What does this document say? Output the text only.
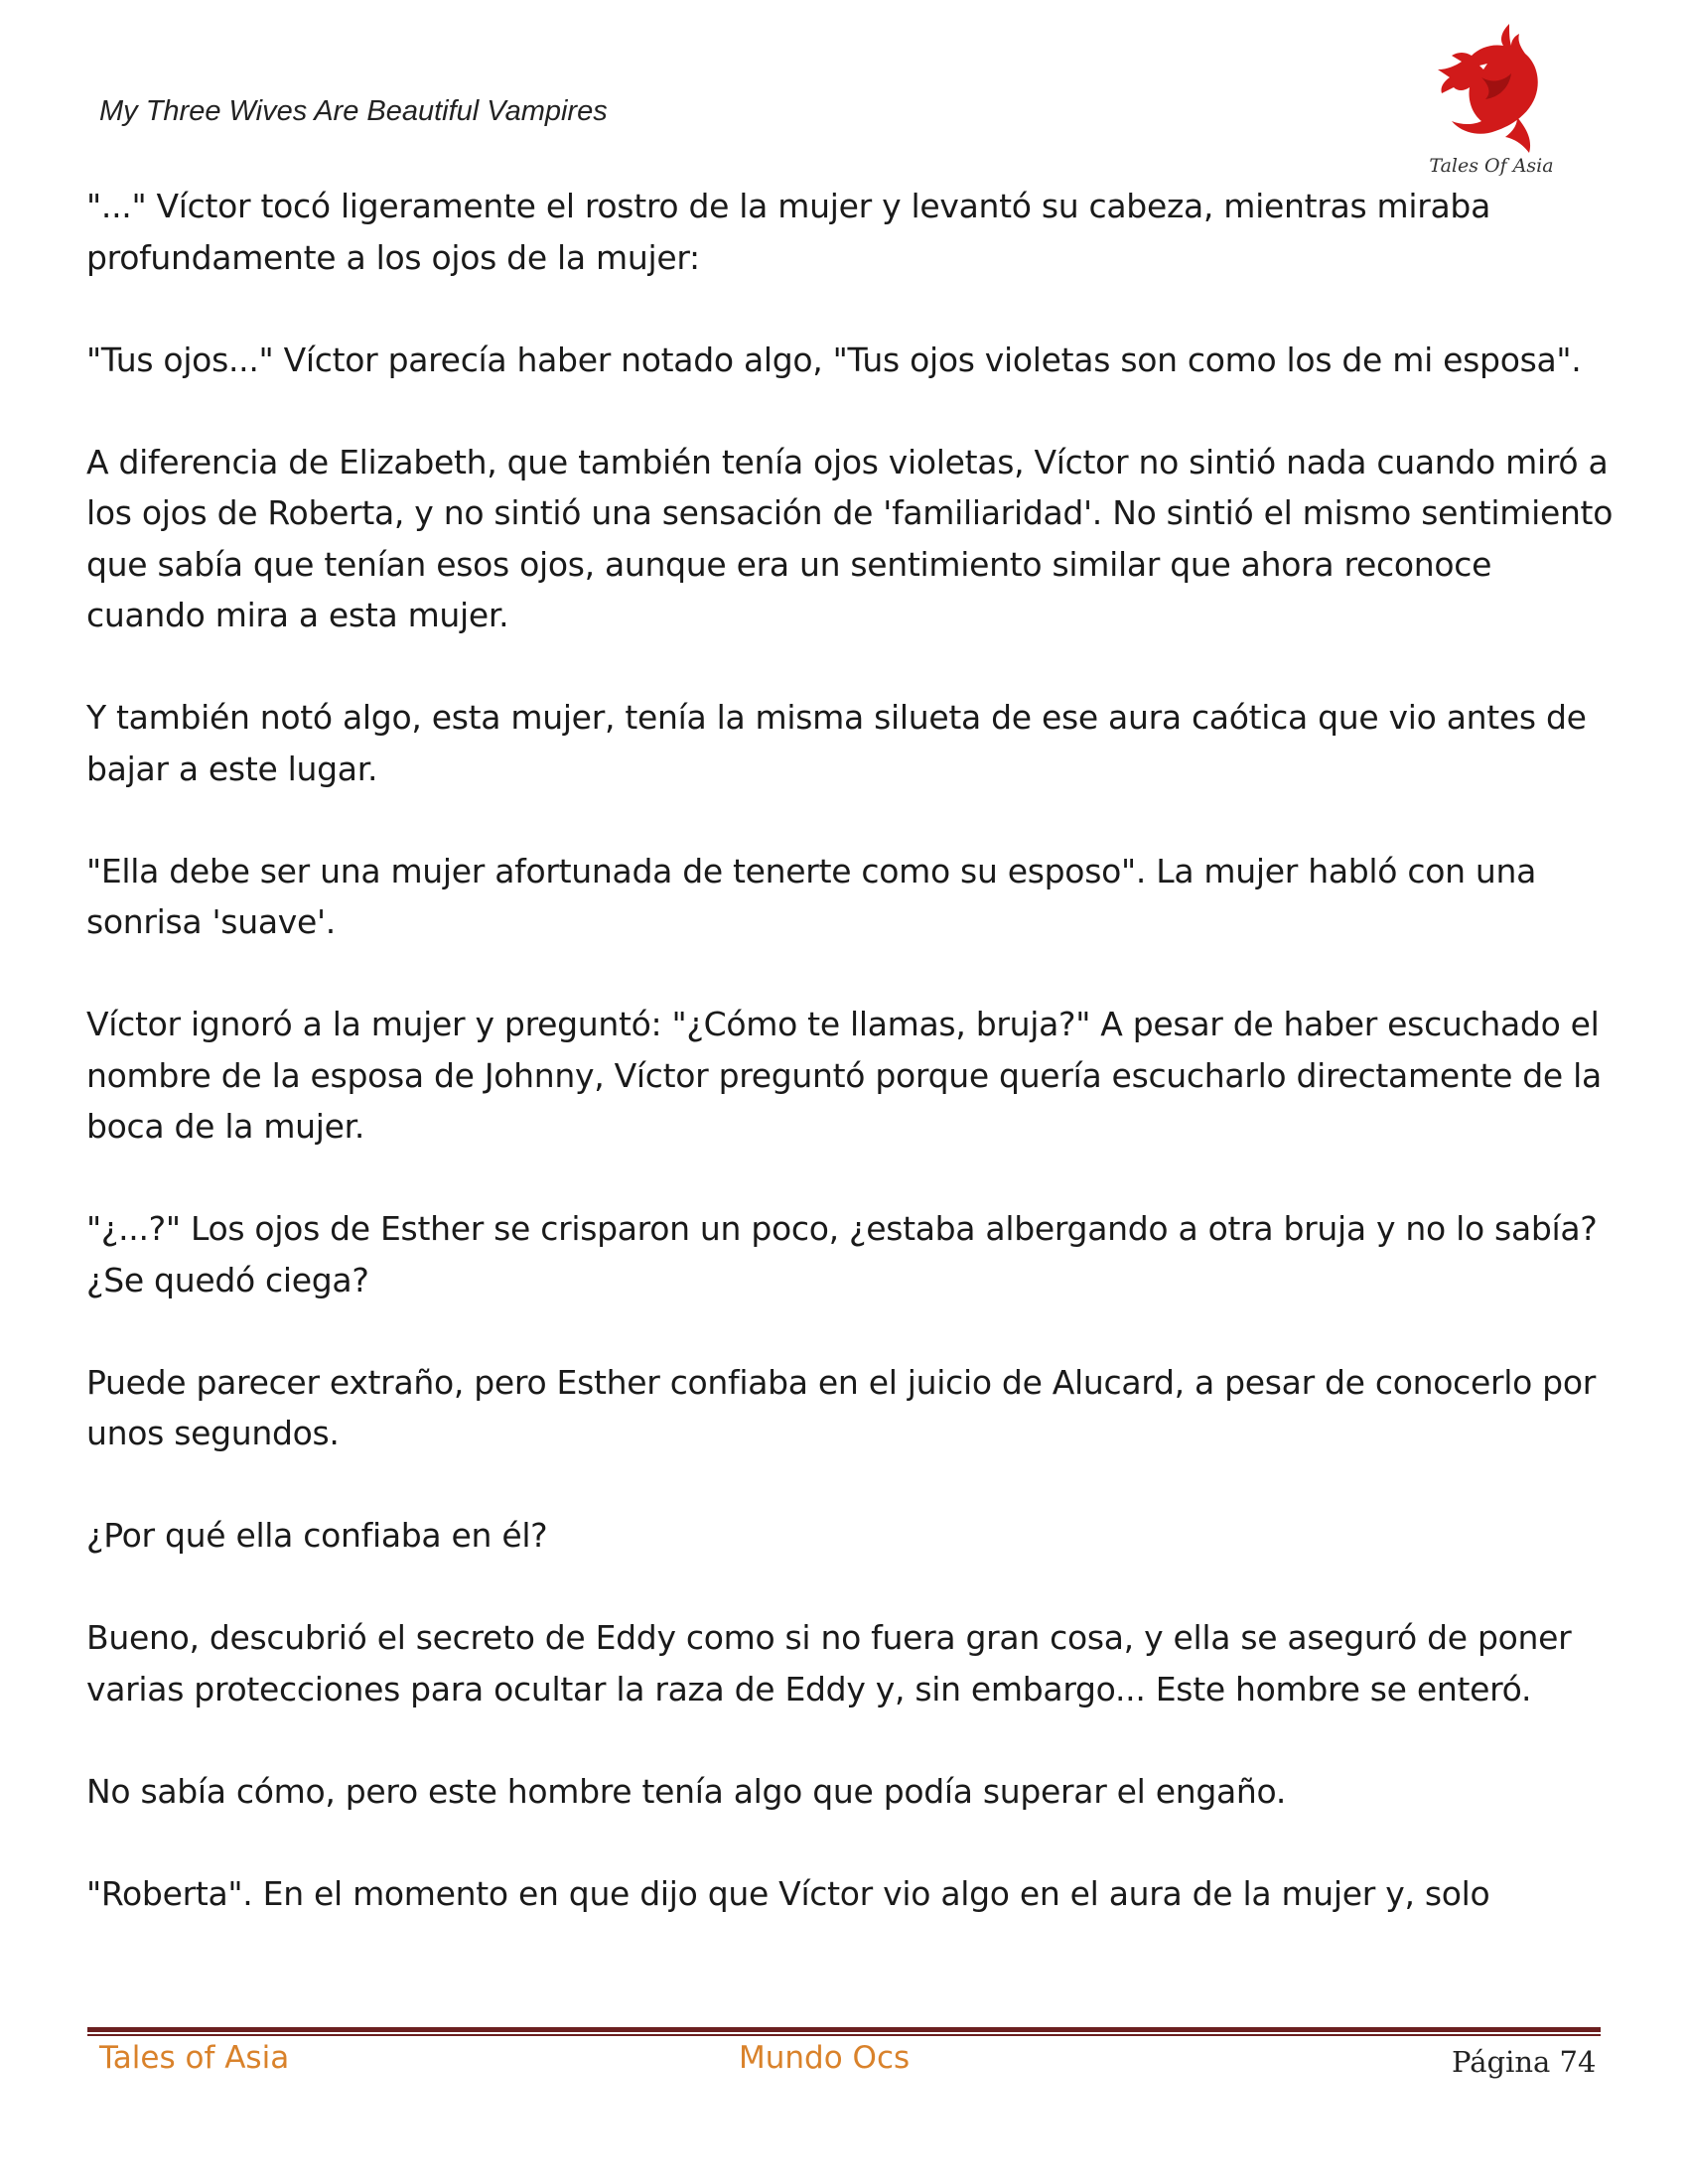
My Three Wives Are Beautiful Vampires
Tales Of Asia

"..." Víctor tocó ligeramente el rostro de la mujer y levantó su cabeza, mientras miraba profundamente a los ojos de la mujer:

"Tus ojos..." Víctor parecía haber notado algo, "Tus ojos violetas son como los de mi esposa".

A diferencia de Elizabeth, que también tenía ojos violetas, Víctor no sintió nada cuando miró a los ojos de Roberta, y no sintió una sensación de 'familiaridad'. No sintió el mismo sentimiento que sabía que tenían esos ojos, aunque era un sentimiento similar que ahora reconoce cuando mira a esta mujer.

Y también notó algo, esta mujer, tenía la misma silueta de ese aura caótica que vio antes de bajar a este lugar.

"Ella debe ser una mujer afortunada de tenerte como su esposo". La mujer habló con una sonrisa 'suave'.

Víctor ignoró a la mujer y preguntó: "¿Cómo te llamas, bruja?" A pesar de haber escuchado el nombre de la esposa de Johnny, Víctor preguntó porque quería escucharlo directamente de la boca de la mujer.

"¿...?" Los ojos de Esther se crisparon un poco, ¿estaba albergando a otra bruja y no lo sabía? ¿Se quedó ciega?

Puede parecer extraño, pero Esther confiaba en el juicio de Alucard, a pesar de conocerlo por unos segundos.

¿Por qué ella confiaba en él?

Bueno, descubrió el secreto de Eddy como si no fuera gran cosa, y ella se aseguró de poner varias protecciones para ocultar la raza de Eddy y, sin embargo... Este hombre se enteró.

No sabía cómo, pero este hombre tenía algo que podía superar el engaño.

"Roberta". En el momento en que dijo que Víctor vio algo en el aura de la mujer y, solo

Tales of Asia	Mundo Ocs	Página 74
